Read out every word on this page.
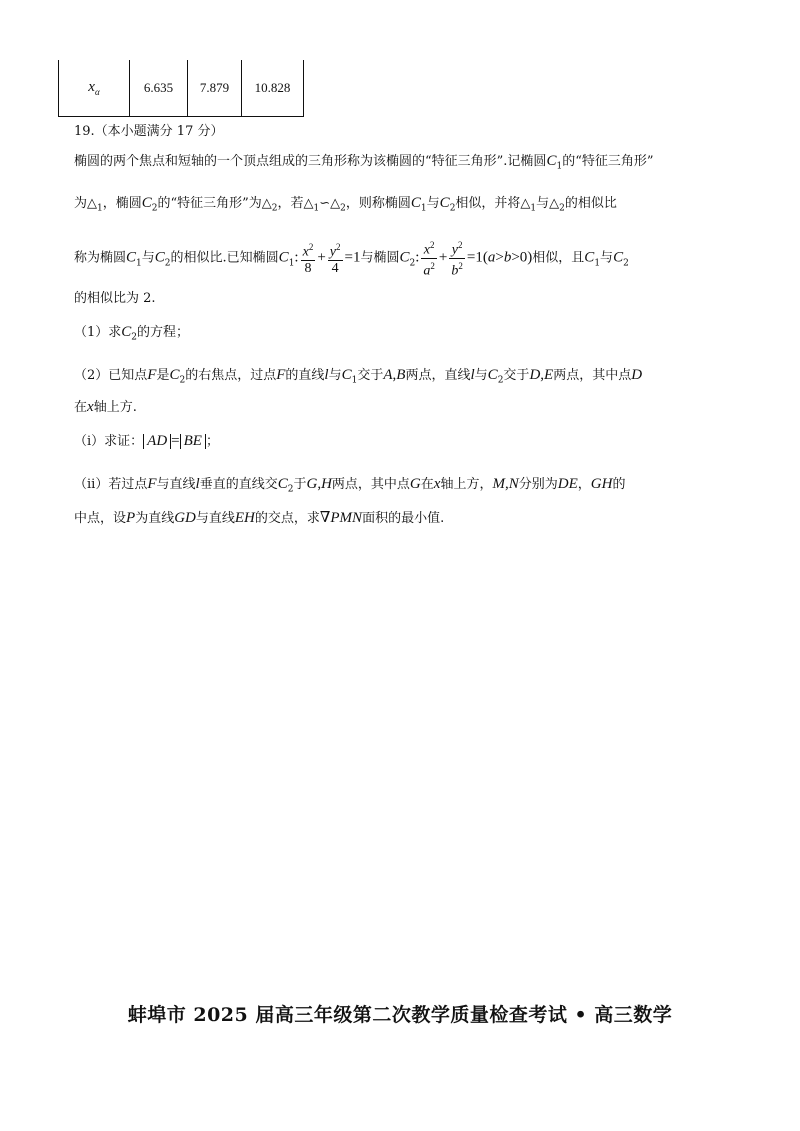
$x_\alpha$	6.635	7.879	10.828
19.（本小题满分 17 分）
椭圆的两个焦点和短轴的一个顶点组成的三角形称为该椭圆的“特征三角形”.记椭圆$C_1$的“特征三角形”
为$\triangle_1$，椭圆$C_2$的“特征三角形”为$\triangle_2$，若$\triangle_1∽\triangle_2$，则称椭圆$C_1$与$C_2$相似，并将$\triangle_1$与$\triangle_2$的相似比
称为椭圆$C_1$与$C_2$的相似比.已知椭圆$C_1$: $\frac{x^2}{8} + \frac{y^2}{4} =1$与椭圆$C_2$: $\frac{x^2}{a^2} + \frac{y^2}{b^2} =1(a>b>0)$相似，且$C_1$与$C_2$
的相似比为 2.
（1）求$C_2$的方程；
（2）已知点F是$C_2$的右焦点，过点F的直线l与$C_1$交于A,B两点，直线l与$C_2$交于D,E两点，其中点D
在x轴上方.
（i）求证： AD = BE ；
（ii）若过点F与直线l垂直的直线交$C_2$于G,H两点，其中点G在x轴上方，M,N分别为DE，GH的
中点，设P为直线GD与直线EH的交点，求∇PMN面积的最小值.
蚌埠市 2025 届高三年级第二次教学质量检查考试 • 高三数学
